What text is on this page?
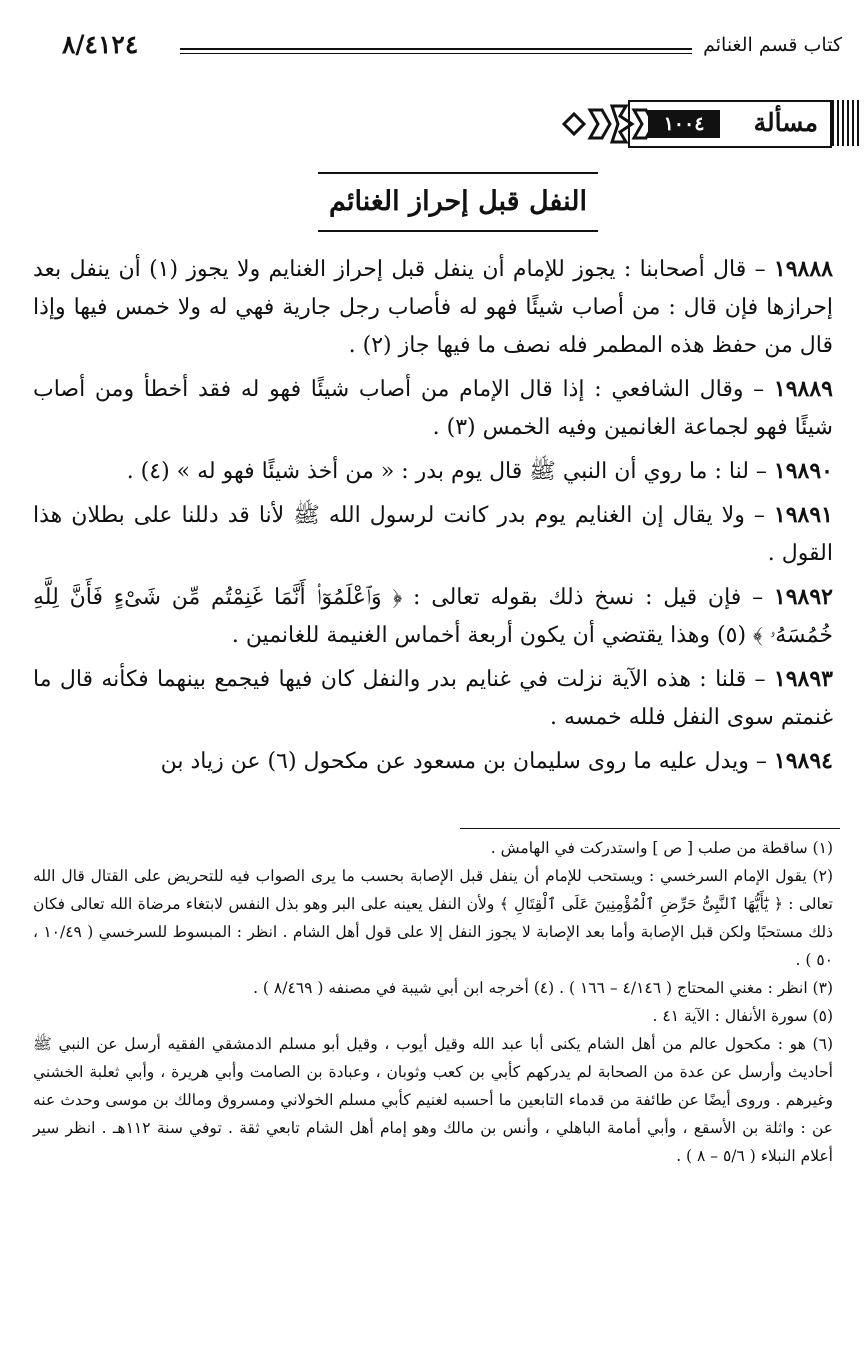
٨/٤١٢٤	كتاب قسم الغنائم
مسألة
١٠٠٤
النفل قبل إحراز الغنائم

١٩٨٨٨ – قال أصحابنا : يجوز للإمام أن ينفل قبل إحراز الغنايم ولا يجوز (١) أن ينفل بعد إحرازها فإن قال : من أصاب شيئًا فهو له فأصاب رجل جارية فهي له ولا خمس فيها وإذا قال من حفظ هذه المطمر فله نصف ما فيها جاز (٢) .

١٩٨٨٩ – وقال الشافعي : إذا قال الإمام من أصاب شيئًا فهو له فقد أخطأ ومن أصاب شيئًا فهو لجماعة الغانمين وفيه الخمس (٣) .

١٩٨٩٠ – لنا : ما روي أن النبي ﷺ قال يوم بدر : « من أخذ شيئًا فهو له » (٤) .

١٩٨٩١ – ولا يقال إن الغنايم يوم بدر كانت لرسول الله ﷺ لأنا قد دللنا على بطلان هذا القول .

١٩٨٩٢ – فإن قيل : نسخ ذلك بقوله تعالى : ﴿ وَٱعْلَمُوٓا۟ أَنَّمَا غَنِمْتُم مِّن شَىْءٍ فَأَنَّ لِلَّهِ خُمُسَهُۥ ﴾ (٥) وهذا يقتضي أن يكون أربعة أخماس الغنيمة للغانمين .

١٩٨٩٣ – قلنا : هذه الآية نزلت في غنايم بدر والنفل كان فيها فيجمع بينهما فكأنه قال ما غنمتم سوى النفل فلله خمسه .

١٩٨٩٤ – ويدل عليه ما روى سليمان بن مسعود عن مكحول (٦) عن زياد بن

(١) ساقطة من صلب [ ص ] واستدركت في الهامش .

(٢) يقول الإمام السرخسي : ويستحب للإمام أن ينفل قبل الإصابة بحسب ما يرى الصواب فيه للتحريض على القتال قال الله تعالى : ﴿ يَٰٓأَيُّهَا ٱلنَّبِىُّ حَرِّضِ ٱلْمُؤْمِنِينَ عَلَى ٱلْقِتَالِ ﴾ ولأن النفل يعينه على البر وهو بذل النفس لابتغاء مرضاة الله تعالى فكان ذلك مستحبًا ولكن قبل الإصابة وأما بعد الإصابة لا يجوز النفل إلا على قول أهل الشام . انظر : المبسوط للسرخسي ( ١٠/٤٩ ، ٥٠ ) .

(٣) انظر : مغني المحتاج ( ٤/١٤٦ – ١٦٦ ) . (٤) أخرجه ابن أبي شيبة في مصنفه ( ٨/٤٦٩ ) .

(٥) سورة الأنفال : الآية ٤١ .

(٦) هو : مكحول عالم من أهل الشام يكنى أبا عبد الله وقيل أيوب ، وقيل أبو مسلم الدمشقي الفقيه أرسل عن النبي ﷺ أحاديث وأرسل عن عدة من الصحابة لم يدركهم كأبي بن كعب وثوبان ، وعبادة بن الصامت وأبي هريرة ، وأبي ثعلبة الخشني وغيرهم . وروى أيضًا عن طائفة من قدماء التابعين ما أحسبه لغنيم كأبي مسلم الخولاني ومسروق ومالك بن موسى وحدث عنه عن : واثلة بن الأسقع ، وأبي أمامة الباهلي ، وأنس بن مالك وهو إمام أهل الشام تابعي ثقة . توفي سنة ١١٢هـ . انظر سير أعلام النبلاء ( ٥/٦ – ٨ ) .
